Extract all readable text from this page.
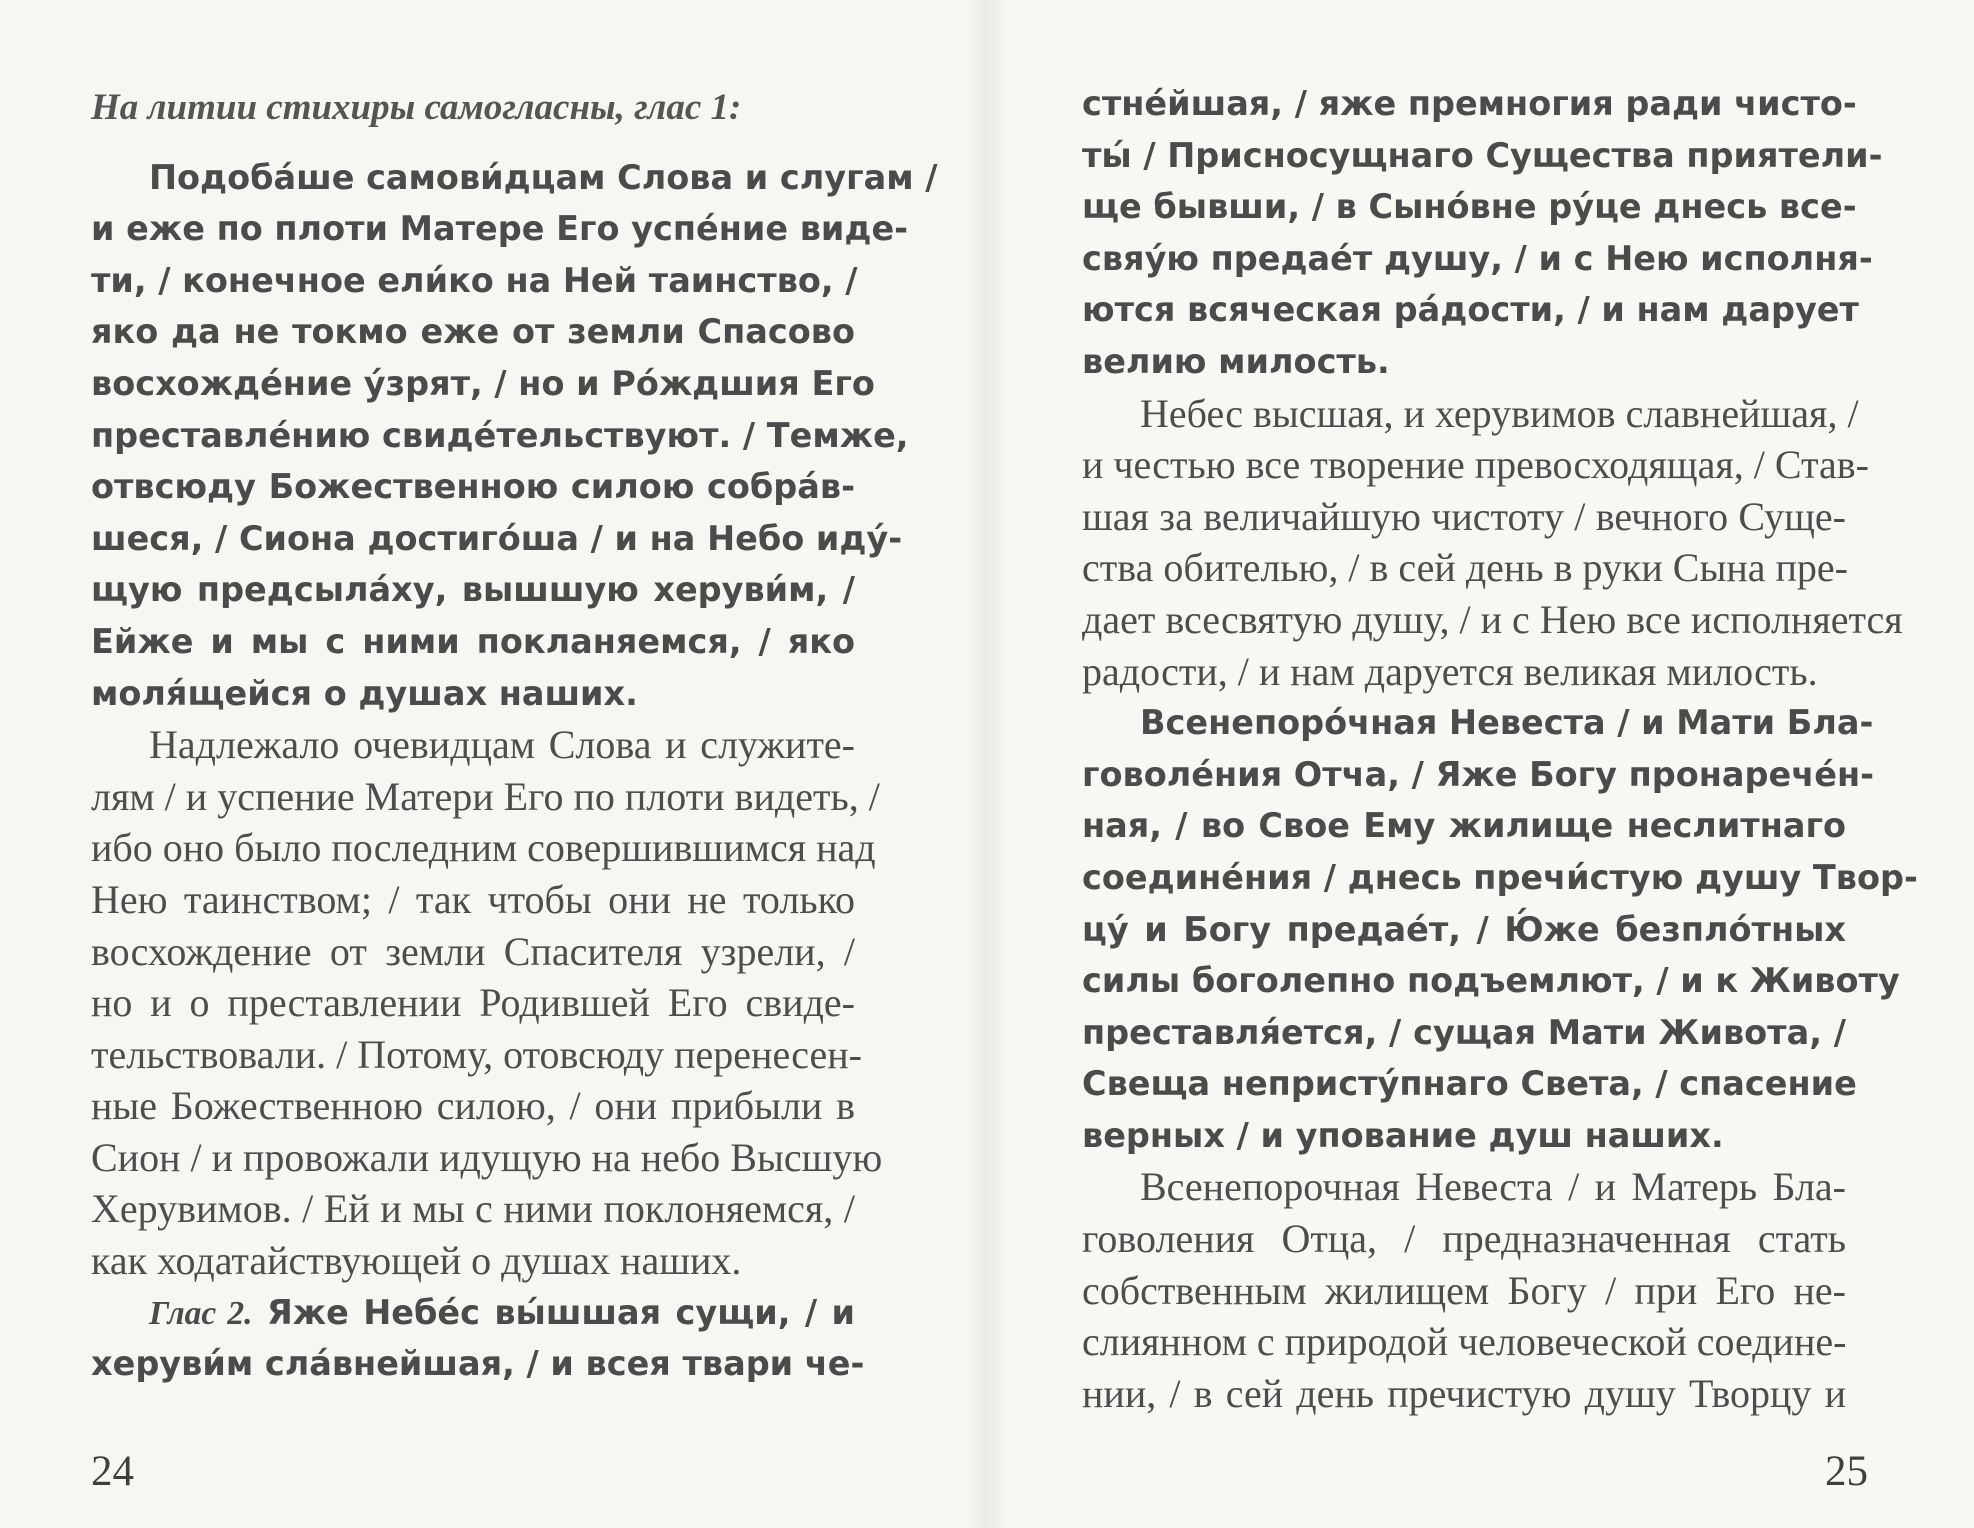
На литии стихиры самогласны, глас 1:
Подоба́ше самови́дцам Слова и слугам /
и еже по плоти Матере Его успе́ние виде-
ти, / конечное ели́ко на Ней таинство, /
яко да не токмо еже от земли Спасово
восхожде́ние у́зрят, / но и Ро́ждшия Его
преставле́нию свиде́тельствуют. / Темже,
отвсюду Божественною силою собра́в-
шеся, / Сиона достиго́ша / и на Небо иду́-
щую предсыла́ху, вышшую херуви́м, /
Ейже и мы с ними покланяемся, / яко
моля́щейся о душах наших.
Надлежало очевидцам Слова и служите-
лям / и успение Матери Его по плоти видеть, /
ибо оно было последним совершившимся над
Нею таинством; / так чтобы они не только
восхождение от земли Спасителя узрели, /
но и о преставлении Родившей Его свиде-
тельствовали. / Потому, отовсюду перенесен-
ные Божественною силою, / они прибыли в
Сион / и провожали идущую на небо Высшую
Херувимов. / Ей и мы с ними поклоняемся, /
как ходатайствующей о душах наших.
Глас 2. Яже Небе́с вы́шшая сущи, / и
херуви́м сла́внейшая, / и всея твари че-
24
стне́йшая, / яже премногия ради чисто-
ты́ / Присносущнаго Существа приятели-
ще бывши, / в Сыно́вне ру́це днесь все-
свяу́ю предае́т душу, / и с Нею исполня-
ются всяческая ра́дости, / и нам дарует
велию милость.
Небес высшая, и херувимов славнейшая, /
и честью все творение превосходящая, / Став-
шая за величайшую чистоту / вечного Суще-
ства обителью, / в сей день в руки Сына пре-
дает всесвятую душу, / и с Нею все исполняется
радости, / и нам даруется великая милость.
Всенепоро́чная Невеста / и Мати Бла-
говоле́ния Отча, / Яже Богу пронарече́н-
ная, / во Свое Ему жилище неслитнаго
соедине́ния / днесь пречи́стую душу Твор-
цу́ и Богу предае́т, / Ю́же безпло́тных
силы боголепно подъемлют, / и к Животу
преставля́ется, / сущая Мати Живота, /
Свеща непристу́пнаго Света, / спасение
верных / и упование душ наших.
Всенепорочная Невеста / и Матерь Бла-
говоления Отца, / предназначенная стать
собственным жилищем Богу / при Его не-
слиянном с природой человеческой соедине-
нии, / в сей день пречистую душу Творцу и
25
